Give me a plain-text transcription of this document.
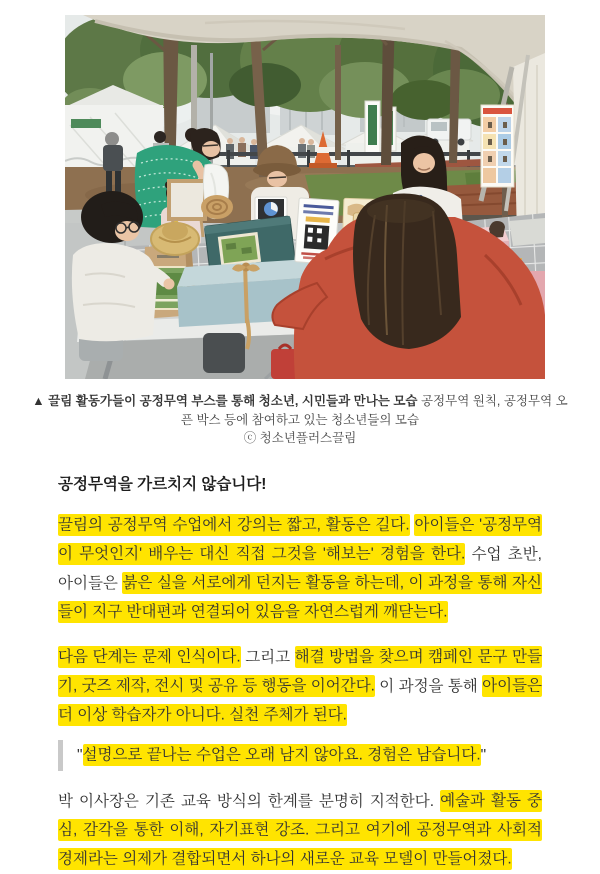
▲ 끌림 활동가들이 공정무역 부스를 통해 청소년, 시민들과 만나는 모습 공정무역 원칙, 공정무역 오픈 박스 등에 참여하고 있는 청소년들의 모습

ⓒ 청소년플러스끌림

공정무역을 가르치지 않습니다!

끌림의 공정무역 수업에서 강의는 짧고, 활동은 길다. 아이들은 '공정무역이 무엇인지' 배우는 대신 직접 그것을 '해보는' 경험을 한다. 수업 초반, 아이들은 붉은 실을 서로에게 던지는 활동을 하는데, 이 과정을 통해 자신들이 지구 반대편과 연결되어 있음을 자연스럽게 깨닫는다.

다음 단계는 문제 인식이다. 그리고 해결 방법을 찾으며 캠페인 문구 만들기, 굿즈 제작, 전시 및 공유 등 행동을 이어간다. 이 과정을 통해 아이들은 더 이상 학습자가 아니다. 실천 주체가 된다.

"설명으로 끝나는 수업은 오래 남지 않아요. 경험은 남습니다."

박 이사장은 기존 교육 방식의 한계를 분명히 지적한다. 예술과 활동 중심, 감각을 통한 이해, 자기표현 강조. 그리고 여기에 공정무역과 사회적경제라는 의제가 결합되면서 하나의 새로운 교육 모델이 만들어졌다.
